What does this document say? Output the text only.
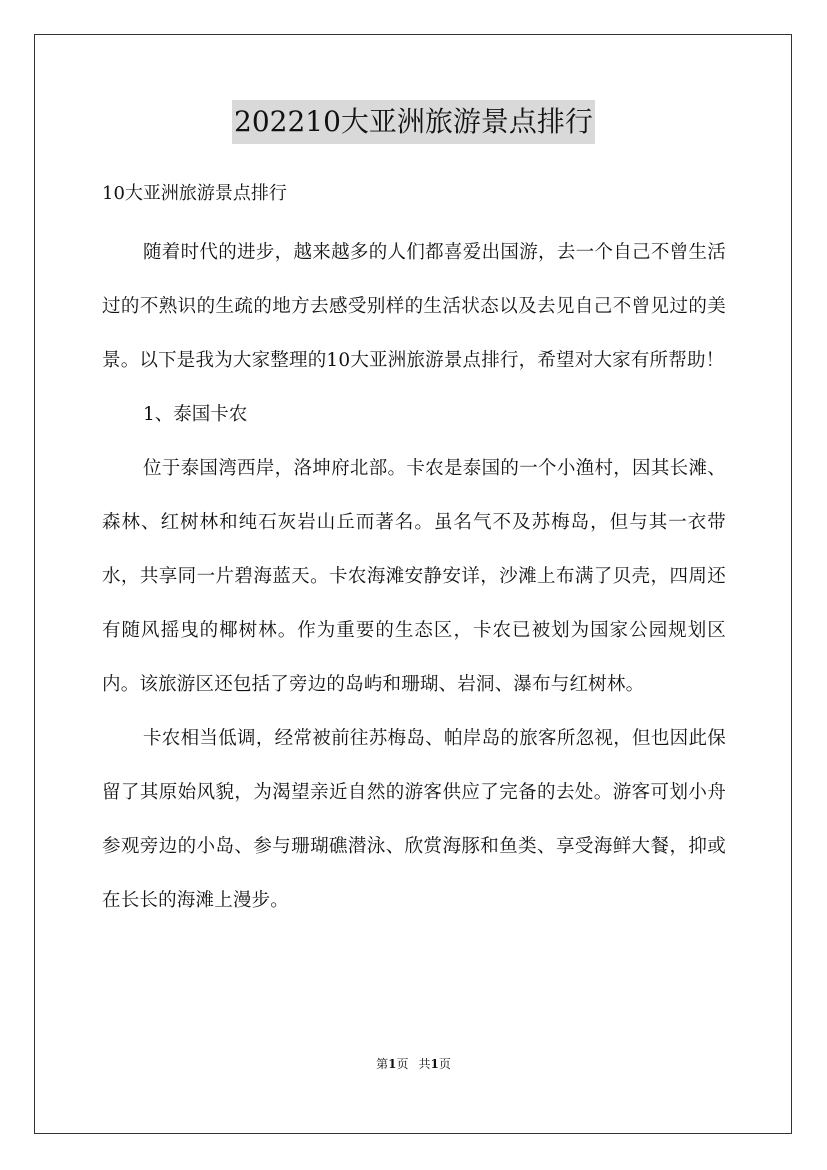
202210大亚洲旅游景点排行
10大亚洲旅游景点排行

随着时代的进步，越来越多的人们都喜爱出国游，去一个自己不曾生活过的不熟识的生疏的地方去感受别样的生活状态以及去见自己不曾见过的美景。以下是我为大家整理的10大亚洲旅游景点排行，希望对大家有所帮助！

1、泰国卡农

位于泰国湾西岸，洛坤府北部。卡农是泰国的一个小渔村，因其长滩、森林、红树林和纯石灰岩山丘而著名。虽名气不及苏梅岛，但与其一衣带水，共享同一片碧海蓝天。卡农海滩安静安详，沙滩上布满了贝壳，四周还有随风摇曳的椰树林。作为重要的生态区，卡农已被划为国家公园规划区内。该旅游区还包括了旁边的岛屿和珊瑚、岩洞、瀑布与红树林。

卡农相当低调，经常被前往苏梅岛、帕岸岛的旅客所忽视，但也因此保留了其原始风貌，为渴望亲近自然的游客供应了完备的去处。游客可划小舟参观旁边的小岛、参与珊瑚礁潜泳、欣赏海豚和鱼类、享受海鲜大餐，抑或在长长的海滩上漫步。

第1页 共1页
